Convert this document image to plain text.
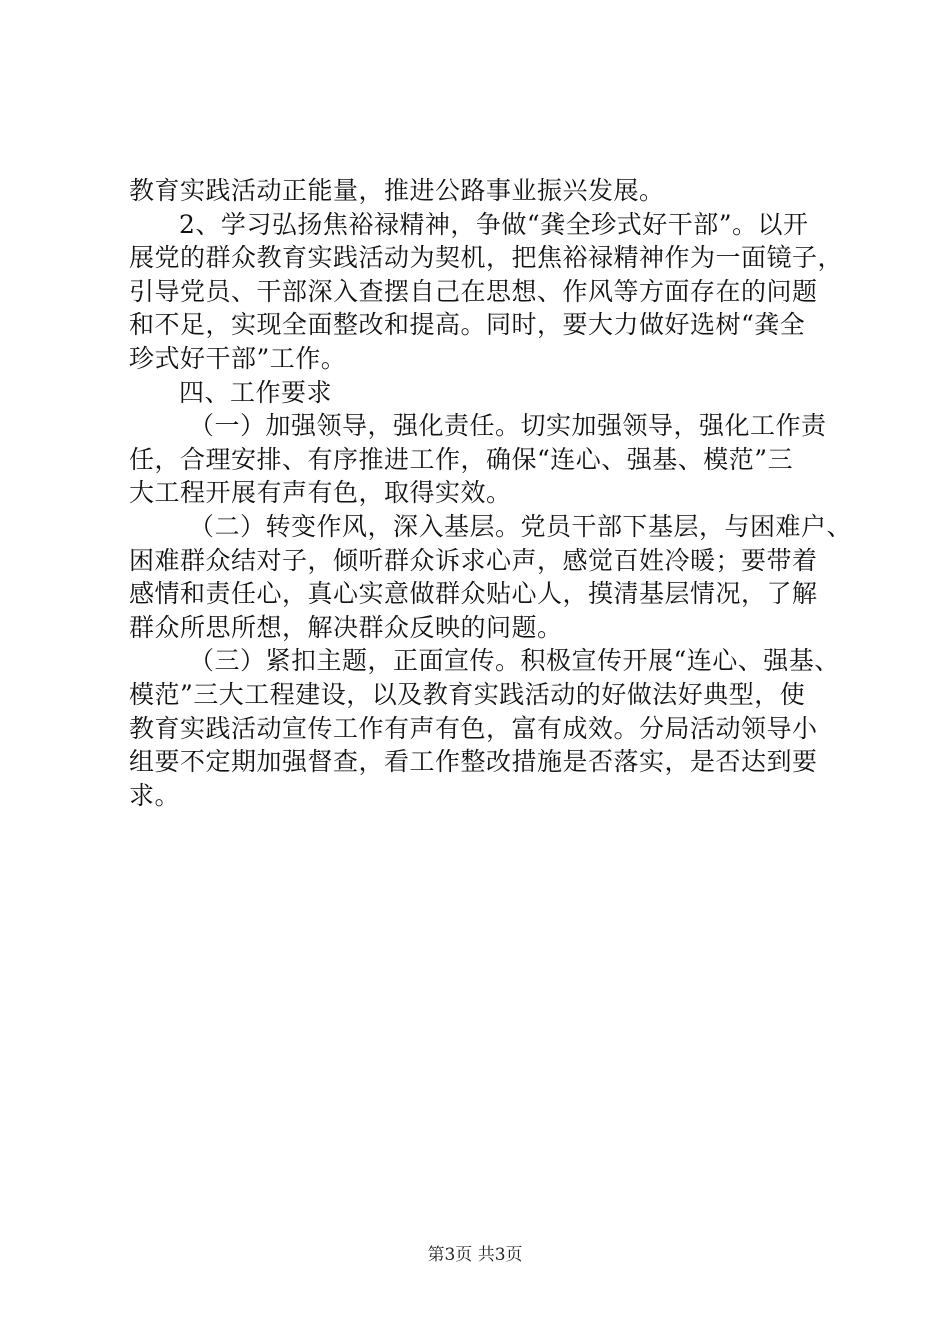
教育实践活动正能量，推进公路事业振兴发展。
2、学习弘扬焦裕禄精神，争做“龚全珍式好干部”。以开
展党的群众教育实践活动为契机，把焦裕禄精神作为一面镜子，
引导党员、干部深入查摆自己在思想、作风等方面存在的问题
和不足，实现全面整改和提高。同时，要大力做好选树“龚全
珍式好干部”工作。
四、工作要求
（一）加强领导，强化责任。切实加强领导，强化工作责
任，合理安排、有序推进工作，确保“连心、强基、模范”三
大工程开展有声有色，取得实效。
（二）转变作风，深入基层。党员干部下基层，与困难户、
困难群众结对子，倾听群众诉求心声，感觉百姓冷暖；要带着
感情和责任心，真心实意做群众贴心人，摸清基层情况，了解
群众所思所想，解决群众反映的问题。
（三）紧扣主题，正面宣传。积极宣传开展“连心、强基、
模范”三大工程建设，以及教育实践活动的好做法好典型，使
教育实践活动宣传工作有声有色，富有成效。分局活动领导小
组要不定期加强督查，看工作整改措施是否落实，是否达到要
求。
第3页 共3页
